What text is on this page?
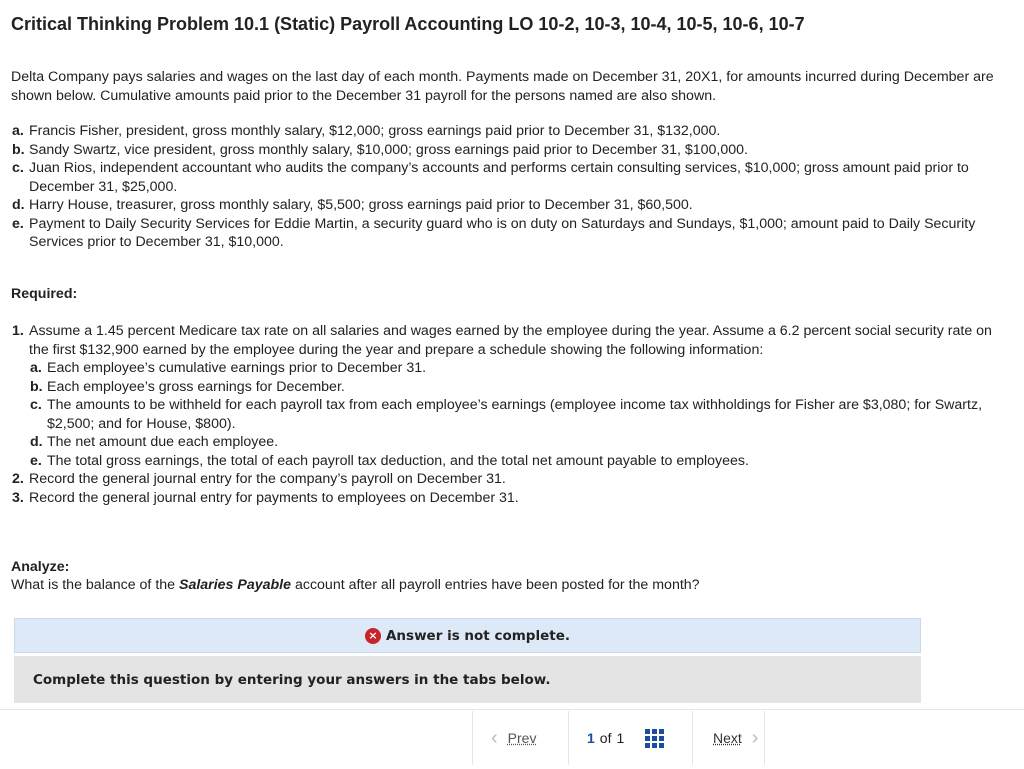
Critical Thinking Problem 10.1 (Static) Payroll Accounting LO 10-2, 10-3, 10-4, 10-5, 10-6, 10-7
Delta Company pays salaries and wages on the last day of each month. Payments made on December 31, 20X1, for amounts incurred during December are shown below. Cumulative amounts paid prior to the December 31 payroll for the persons named are also shown.
a. Francis Fisher, president, gross monthly salary, $12,000; gross earnings paid prior to December 31, $132,000.
b. Sandy Swartz, vice president, gross monthly salary, $10,000; gross earnings paid prior to December 31, $100,000.
c. Juan Rios, independent accountant who audits the company’s accounts and performs certain consulting services, $10,000; gross amount paid prior to December 31, $25,000.
d. Harry House, treasurer, gross monthly salary, $5,500; gross earnings paid prior to December 31, $60,500.
e. Payment to Daily Security Services for Eddie Martin, a security guard who is on duty on Saturdays and Sundays, $1,000; amount paid to Daily Security Services prior to December 31, $10,000.
Required:
1. Assume a 1.45 percent Medicare tax rate on all salaries and wages earned by the employee during the year. Assume a 6.2 percent social security rate on the first $132,900 earned by the employee during the year and prepare a schedule showing the following information:
a. Each employee’s cumulative earnings prior to December 31.
b. Each employee’s gross earnings for December.
c. The amounts to be withheld for each payroll tax from each employee’s earnings (employee income tax withholdings for Fisher are $3,080; for Swartz, $2,500; and for House, $800).
d. The net amount due each employee.
e. The total gross earnings, the total of each payroll tax deduction, and the total net amount payable to employees.
2. Record the general journal entry for the company’s payroll on December 31.
3. Record the general journal entry for payments to employees on December 31.
Analyze:
What is the balance of the Salaries Payable account after all payroll entries have been posted for the month?
× Answer is not complete.
Complete this question by entering your answers in the tabs below.
‹ Prev	1 of 1	Next ›
